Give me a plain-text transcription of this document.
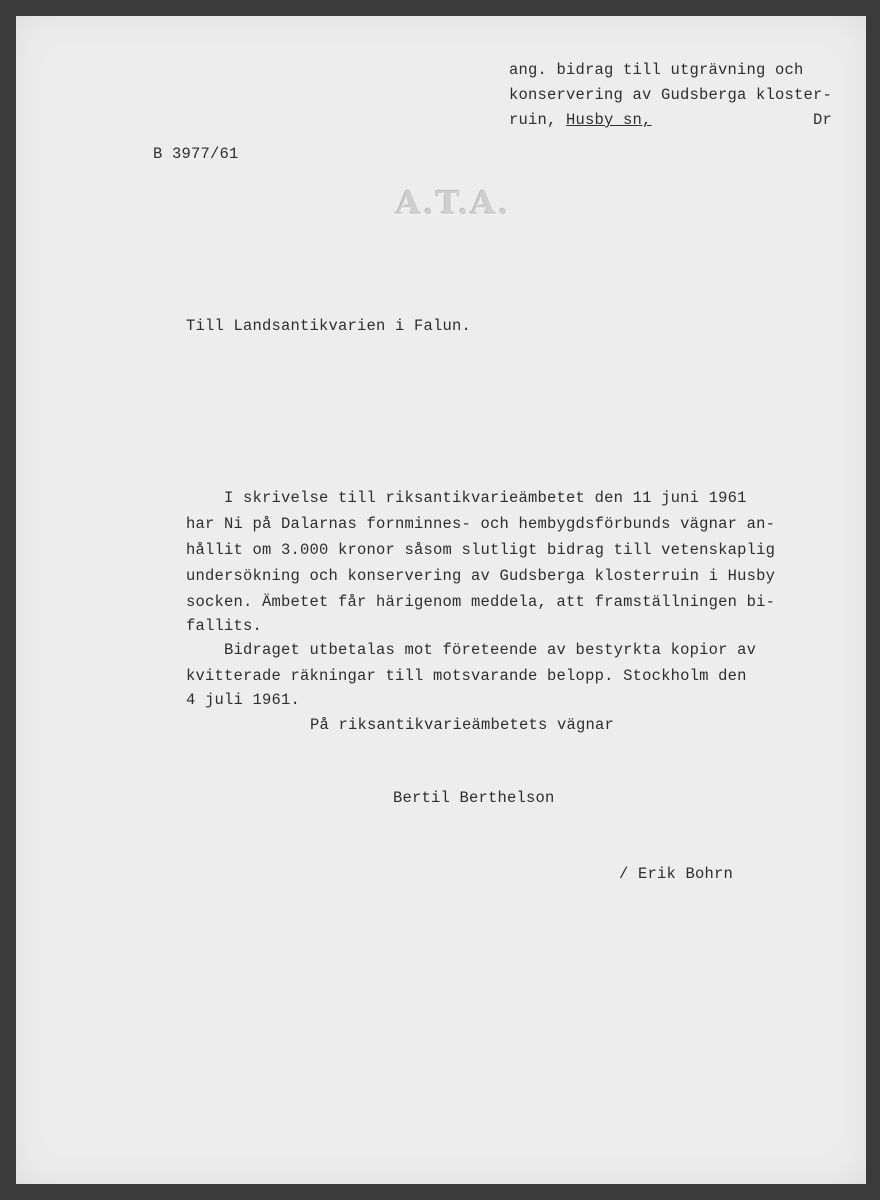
ang. bidrag till utgrävning och
konservering av Gudsberga kloster-
ruin, Husby sn,	Dr
B 3977/61
A.T.A.
Till Landsantikvarien i Falun.
I skrivelse till riksantikvarieämbetet den 11 juni 1961
har Ni på Dalarnas fornminnes- och hembygdsförbunds vägnar an-
hållit om 3.000 kronor såsom slutligt bidrag till vetenskaplig
undersökning och konservering av Gudsberga klosterruin i Husby
socken. Ämbetet får härigenom meddela, att framställningen bi-
fallits.
Bidraget utbetalas mot företeende av bestyrkta kopior av
kvitterade räkningar till motsvarande belopp. Stockholm den
4 juli 1961.
På riksantikvarieämbetets vägnar
Bertil Berthelson
/ Erik Bohrn
